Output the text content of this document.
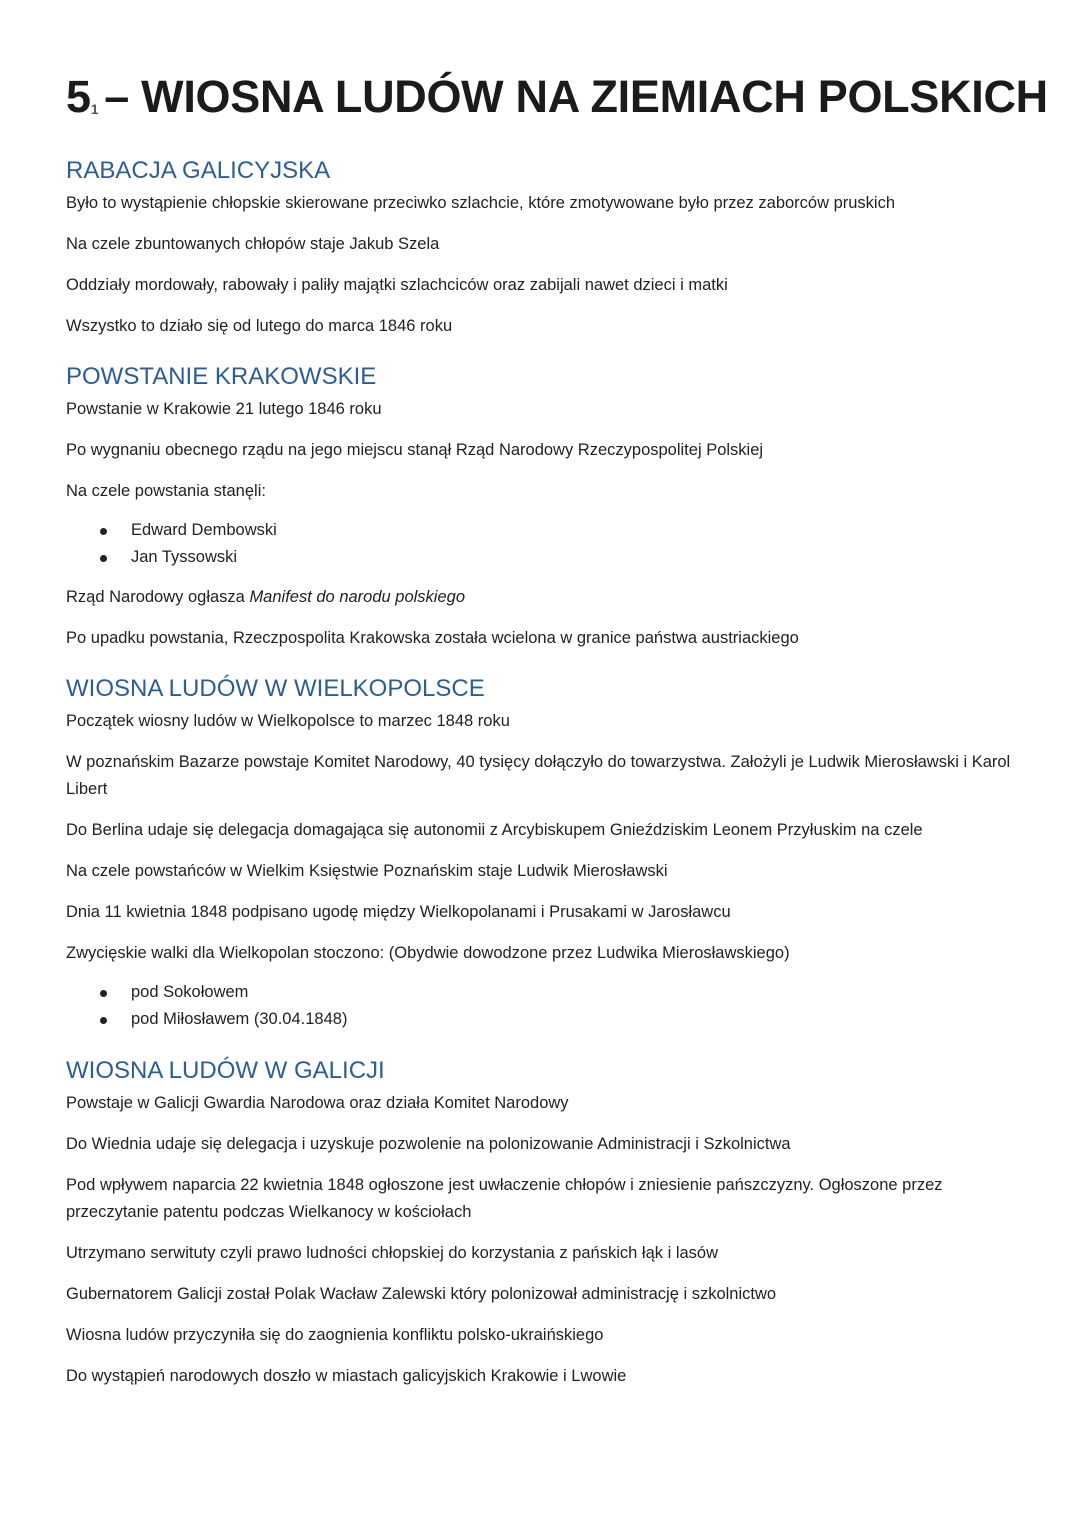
$5_1$ – WIOSNA LUDÓW NA ZIEMIACH POLSKICH
RABACJA GALICYJSKA

Było to wystąpienie chłopskie skierowane przeciwko szlachcie, które zmotywowane było przez zaborców pruskich

Na czele zbuntowanych chłopów staje Jakub Szela

Oddziały mordowały, rabowały i paliły majątki szlachciców oraz zabijali nawet dzieci i matki

Wszystko to działo się od lutego do marca 1846 roku

POWSTANIE KRAKOWSKIE

Powstanie w Krakowie 21 lutego 1846 roku

Po wygnaniu obecnego rządu na jego miejscu stanął Rząd Narodowy Rzeczypospolitej Polskiej

Na czele powstania stanęli:

Edward Dembowski
Jan Tyssowski

Rząd Narodowy ogłasza Manifest do narodu polskiego

Po upadku powstania, Rzeczpospolita Krakowska została wcielona w granice państwa austriackiego

WIOSNA LUDÓW W WIELKOPOLSCE

Początek wiosny ludów w Wielkopolsce to marzec 1848 roku

W poznańskim Bazarze powstaje Komitet Narodowy, 40 tysięcy dołączyło do towarzystwa. Założyli je Ludwik Mierosławski i Karol Libert

Do Berlina udaje się delegacja domagająca się autonomii z Arcybiskupem Gnieździskim Leonem Przyłuskim na czele

Na czele powstańców w Wielkim Księstwie Poznańskim staje Ludwik Mierosławski

Dnia 11 kwietnia 1848 podpisano ugodę między Wielkopolanami i Prusakami w Jarosławcu

Zwycięskie walki dla Wielkopolan stoczono: (Obydwie dowodzone przez Ludwika Mierosławskiego)

pod Sokołowem
pod Miłosławem (30.04.1848)
WIOSNA LUDÓW W GALICJI

Powstaje w Galicji Gwardia Narodowa oraz działa Komitet Narodowy

Do Wiednia udaje się delegacja i uzyskuje pozwolenie na polonizowanie Administracji i Szkolnictwa

Pod wpływem naparcia 22 kwietnia 1848 ogłoszone jest uwłaczenie chłopów i zniesienie pańszczyzny. Ogłoszone przez przeczytanie patentu podczas Wielkanocy w kościołach

Utrzymano serwituty czyli prawo ludności chłopskiej do korzystania z pańskich łąk i lasów

Gubernatorem Galicji został Polak Wacław Zalewski który polonizował administrację i szkolnictwo

Wiosna ludów przyczyniła się do zaognienia konfliktu polsko-ukraińskiego

Do wystąpień narodowych doszło w miastach galicyjskich Krakowie i Lwowie
